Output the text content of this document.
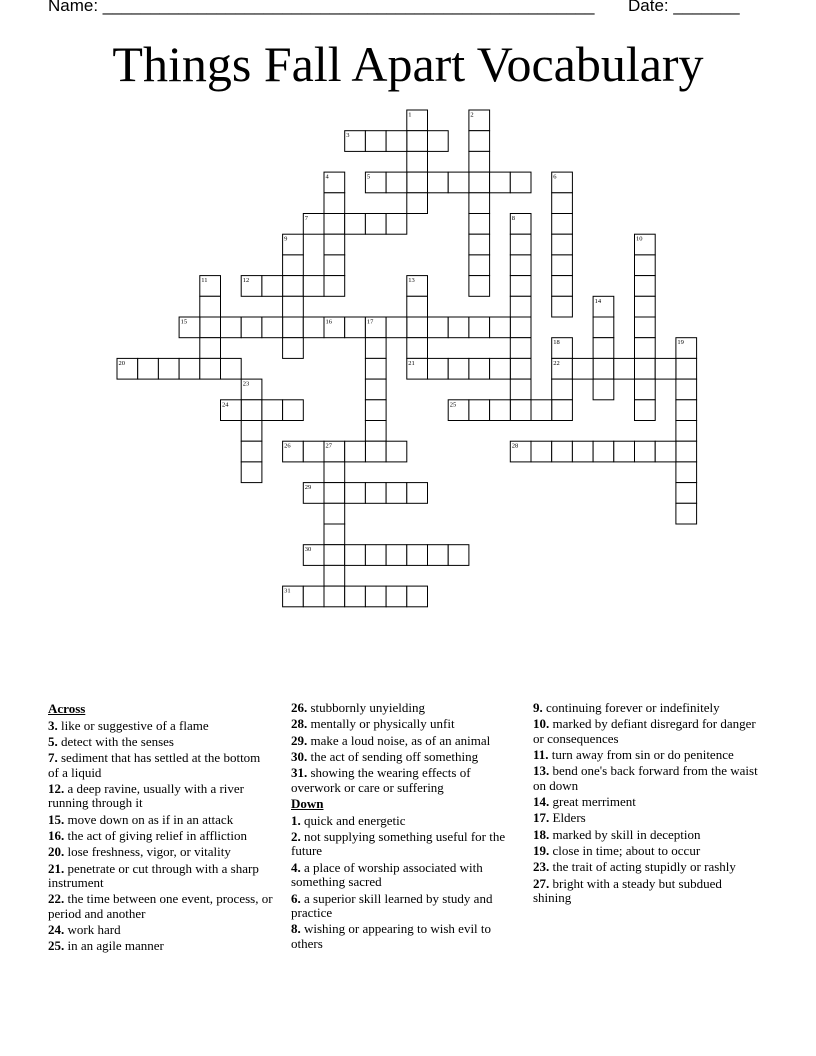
Name: ____________________________________________________ Date: _______
Things Fall Apart Vocabulary
1	2
3
4	5	6
7	8
9	10
11	12	13
14
15	16	17
18	19
20	21	22
23
24	25
26	27	28
29
30
31
Across
3. like or suggestive of a flame
5. detect with the senses
7. sediment that has settled at the bottom of a liquid
12. a deep ravine, usually with a river running through it
15. move down on as if in an attack
16. the act of giving relief in affliction
20. lose freshness, vigor, or vitality
21. penetrate or cut through with a sharp instrument
22. the time between one event, process, or period and another
24. work hard
25. in an agile manner
26. stubbornly unyielding
28. mentally or physically unfit
29. make a loud noise, as of an animal
30. the act of sending off something
31. showing the wearing effects of overwork or care or suffering
Down
1. quick and energetic
2. not supplying something useful for the future
4. a place of worship associated with something sacred
6. a superior skill learned by study and practice
8. wishing or appearing to wish evil to others
9. continuing forever or indefinitely
10. marked by defiant disregard for danger or consequences
11. turn away from sin or do penitence
13. bend one's back forward from the waist on down
14. great merriment
17. Elders
18. marked by skill in deception
19. close in time; about to occur
23. the trait of acting stupidly or rashly
27. bright with a steady but subdued shining
